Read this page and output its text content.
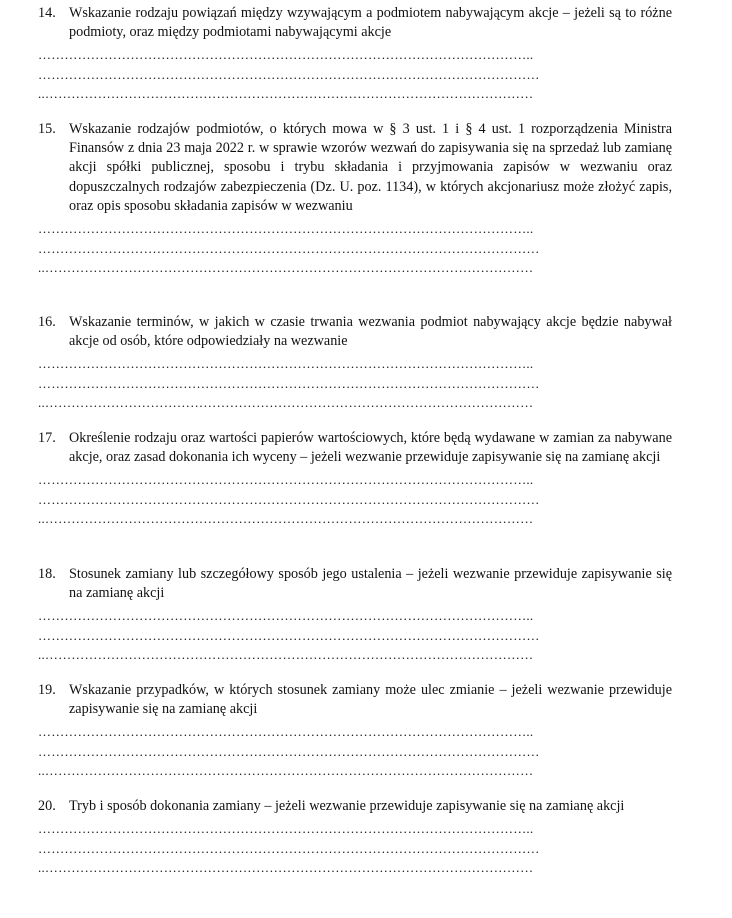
14. Wskazanie rodzaju powiązań między wzywającym a podmiotem nabywającym akcje – jeżeli są to różne podmioty, oraz między podmiotami nabywającymi akcje
…………………………………………………………………………………………………..
……………………………………………………………………………………………………
..…………………………………………………………………………………………………
15. Wskazanie rodzajów podmiotów, o których mowa w § 3 ust. 1 i § 4 ust. 1 rozporządzenia Ministra Finansów z dnia 23 maja 2022 r. w sprawie wzorów wezwań do zapisywania się na sprzedaż lub zamianę akcji spółki publicznej, sposobu i trybu składania i przyjmowania zapisów w wezwaniu oraz dopuszczalnych rodzajów zabezpieczenia (Dz. U. poz. 1134), w których akcjonariusz może złożyć zapis, oraz opis sposobu składania zapisów w wezwaniu
…………………………………………………………………………………………………..
……………………………………………………………………………………………………
..…………………………………………………………………………………………………
16. Wskazanie terminów, w jakich w czasie trwania wezwania podmiot nabywający akcje będzie nabywał akcje od osób, które odpowiedziały na wezwanie
…………………………………………………………………………………………………..
……………………………………………………………………………………………………
..…………………………………………………………………………………………………
17. Określenie rodzaju oraz wartości papierów wartościowych, które będą wydawane w zamian za nabywane akcje, oraz zasad dokonania ich wyceny – jeżeli wezwanie przewiduje zapisywanie się na zamianę akcji
…………………………………………………………………………………………………..
……………………………………………………………………………………………………
..…………………………………………………………………………………………………
18. Stosunek zamiany lub szczegółowy sposób jego ustalenia – jeżeli wezwanie przewiduje zapisywanie się na zamianę akcji
…………………………………………………………………………………………………..
……………………………………………………………………………………………………
..…………………………………………………………………………………………………
19. Wskazanie przypadków, w których stosunek zamiany może ulec zmianie – jeżeli wezwanie przewiduje zapisywanie się na zamianę akcji
…………………………………………………………………………………………………..
……………………………………………………………………………………………………
..…………………………………………………………………………………………………
20. Tryb i sposób dokonania zamiany – jeżeli wezwanie przewiduje zapisywanie się na zamianę akcji
…………………………………………………………………………………………………..
……………………………………………………………………………………………………
..…………………………………………………………………………………………………
